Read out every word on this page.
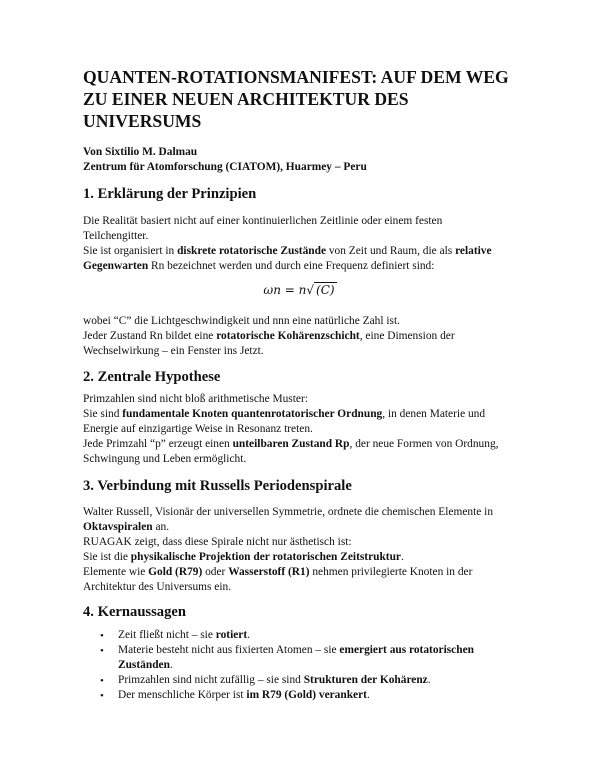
QUANTEN-ROTATIONSMANIFEST: AUF DEM WEG
ZU EINER NEUEN ARCHITEKTUR DES
UNIVERSUMS
Von Sixtilio M. Dalmau
Zentrum für Atomforschung (CIATOM), Huarmey – Peru
1. Erklärung der Prinzipien
Die Realität basiert nicht auf einer kontinuierlichen Zeitlinie oder einem festen
Teilchengitter.
Sie ist organisiert in diskrete rotatorische Zustände von Zeit und Raum, die als relative
Gegenwarten Rn bezeichnet werden und durch eine Frequenz definiert sind:
ωn = n√ (C)
wobei “C” die Lichtgeschwindigkeit und nnn eine natürliche Zahl ist.
Jeder Zustand Rn bildet eine rotatorische Kohärenzschicht, eine Dimension der
Wechselwirkung – ein Fenster ins Jetzt.
2. Zentrale Hypothese
Primzahlen sind nicht bloß arithmetische Muster:
Sie sind fundamentale Knoten quantenrotatorischer Ordnung, in denen Materie und
Energie auf einzigartige Weise in Resonanz treten.
Jede Primzahl “p” erzeugt einen unteilbaren Zustand Rp, der neue Formen von Ordnung,
Schwingung und Leben ermöglicht.
3. Verbindung mit Russells Periodenspirale
Walter Russell, Visionär der universellen Symmetrie, ordnete die chemischen Elemente in
Oktavspiralen an.
RUAGAK zeigt, dass diese Spirale nicht nur ästhetisch ist:
Sie ist die physikalische Projektion der rotatorischen Zeitstruktur.
Elemente wie Gold (R79) oder Wasserstoff (R1) nehmen privilegierte Knoten in der
Architektur des Universums ein.
4. Kernaussagen
• Zeit fließt nicht – sie rotiert.
• Materie besteht nicht aus fixierten Atomen – sie emergiert aus rotatorischen
Zuständen.
• Primzahlen sind nicht zufällig – sie sind Strukturen der Kohärenz.
• Der menschliche Körper ist im R79 (Gold) verankert.
